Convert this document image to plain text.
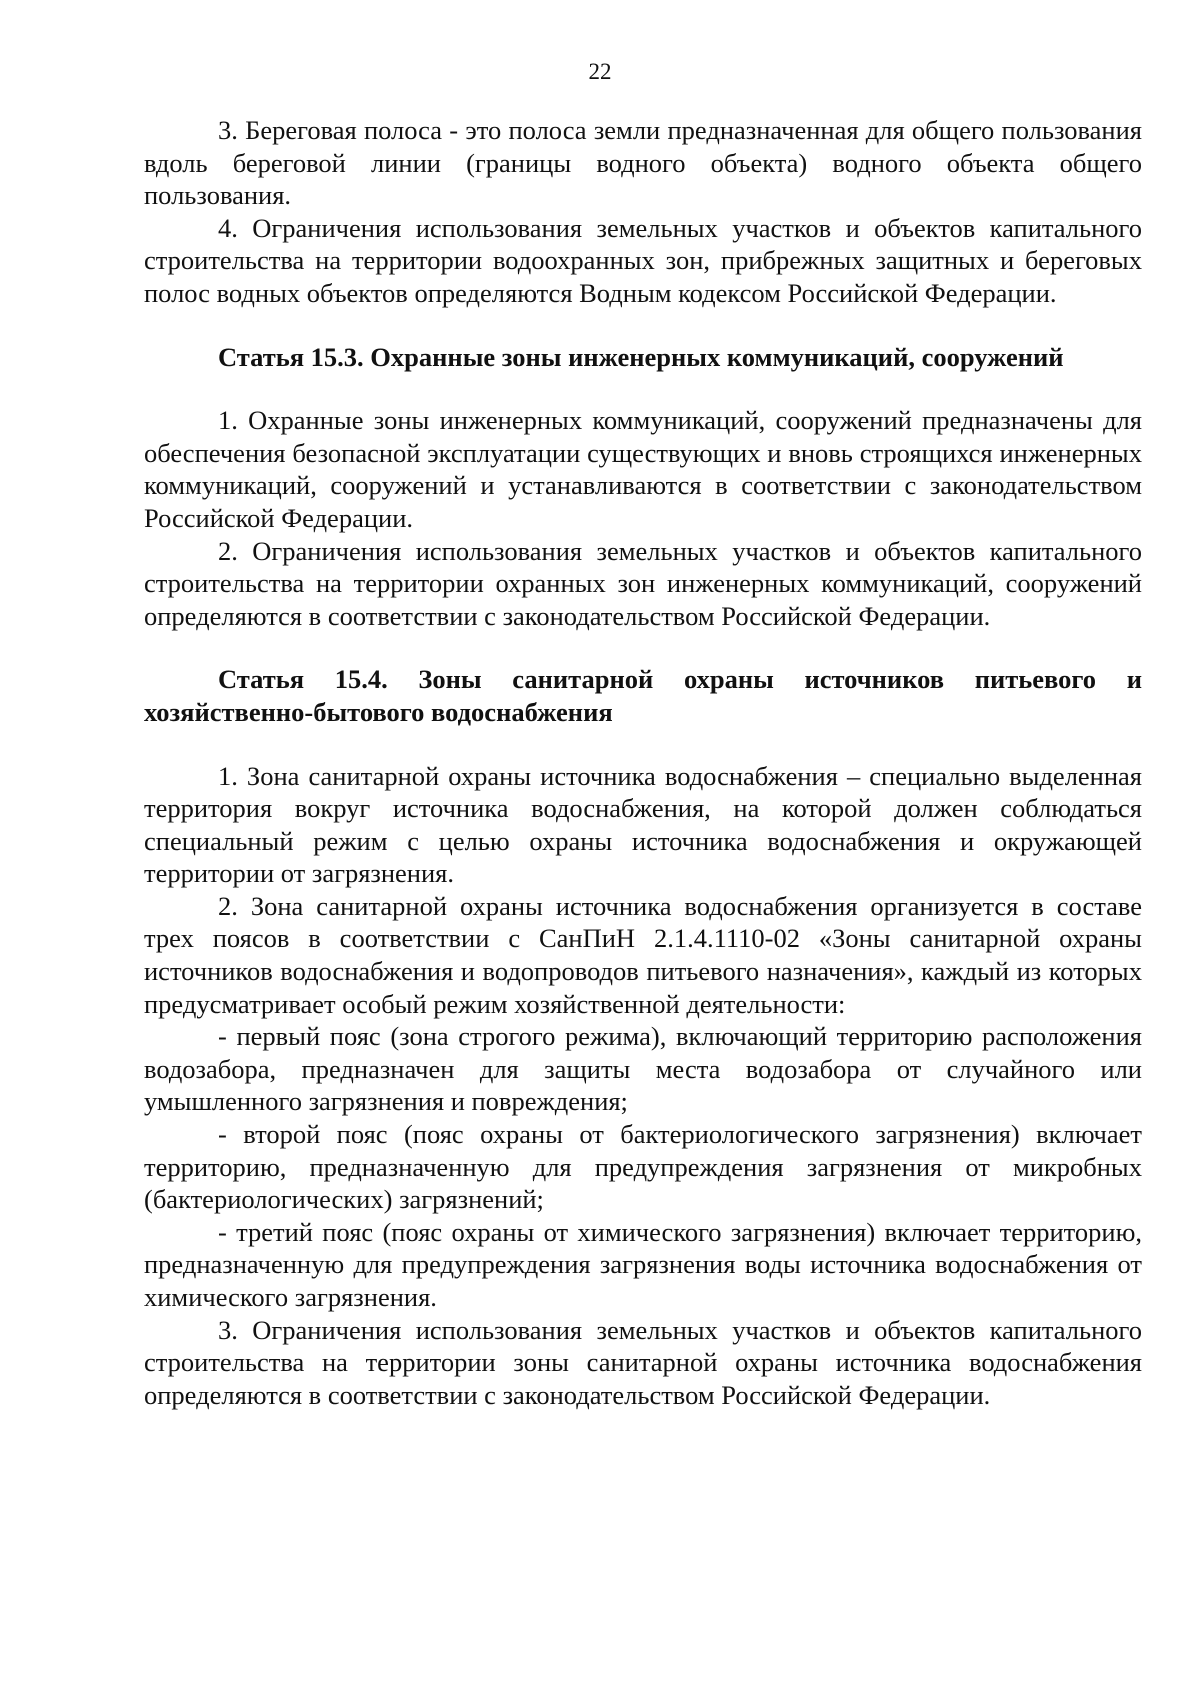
22

3. Береговая полоса - это полоса земли предназначенная для общего пользования вдоль береговой линии (границы водного объекта) водного объекта общего пользования.

4. Ограничения использования земельных участков и объектов капитального строительства на территории водоохранных зон, прибрежных защитных и береговых полос водных объектов определяются Водным кодексом Российской Федерации.

Статья 15.3. Охранные зоны инженерных коммуникаций, сооружений

1. Охранные зоны инженерных коммуникаций, сооружений предназначены для обеспечения безопасной эксплуатации существующих и вновь строящихся инженерных коммуникаций, сооружений и устанавливаются в соответствии с законодательством Российской Федерации.

2. Ограничения использования земельных участков и объектов капитального строительства на территории охранных зон инженерных коммуникаций, сооружений определяются в соответствии с законодательством Российской Федерации.

Статья 15.4. Зоны санитарной охраны источников питьевого и хозяйственно-бытового водоснабжения

1. Зона санитарной охраны источника водоснабжения – специально выделенная территория вокруг источника водоснабжения, на которой должен соблюдаться специальный режим с целью охраны источника водоснабжения и окружающей территории от загрязнения.

2. Зона санитарной охраны источника водоснабжения организуется в составе трех поясов в соответствии с СанПиН 2.1.4.1110-02 «Зоны санитарной охраны источников водоснабжения и водопроводов питьевого назначения», каждый из которых предусматривает особый режим хозяйственной деятельности:

- первый пояс (зона строгого режима), включающий территорию расположения водозабора, предназначен для защиты места водозабора от случайного или умышленного загрязнения и повреждения;

- второй пояс (пояс охраны от бактериологического загрязнения) включает территорию, предназначенную для предупреждения загрязнения от микробных (бактериологических) загрязнений;

- третий пояс (пояс охраны от химического загрязнения) включает территорию, предназначенную для предупреждения загрязнения воды источника водоснабжения от химического загрязнения.

3. Ограничения использования земельных участков и объектов капитального строительства на территории зоны санитарной охраны источника водоснабжения определяются в соответствии с законодательством Российской Федерации.
